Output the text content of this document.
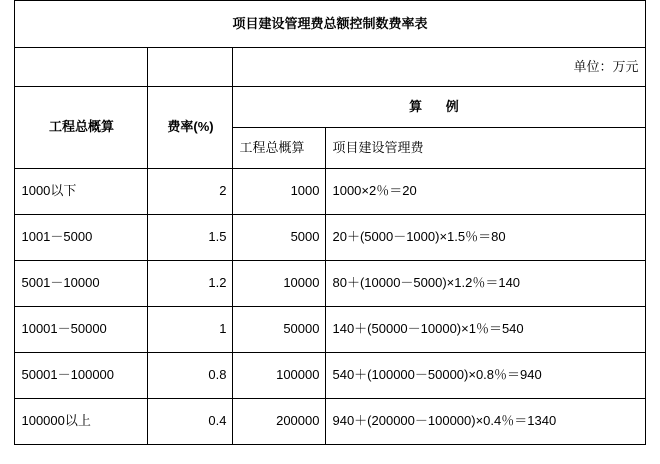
项目建设管理费总额控制数费率表			
		单位：万元	
工程总概算	费率(%)	算 例	
		工程总概算	项目建设管理费
1000以下	2	1000	1000×2％＝20
1001－5000	1.5	5000	20＋(5000－1000)×1.5％＝80
5001－10000	1.2	10000	80＋(10000－5000)×1.2％＝140
10001－50000	1	50000	140＋(50000－10000)×1％＝540
50001－100000	0.8	100000	540＋(100000－50000)×0.8％＝940
100000以上	0.4	200000	940＋(200000－100000)×0.4％＝1340
